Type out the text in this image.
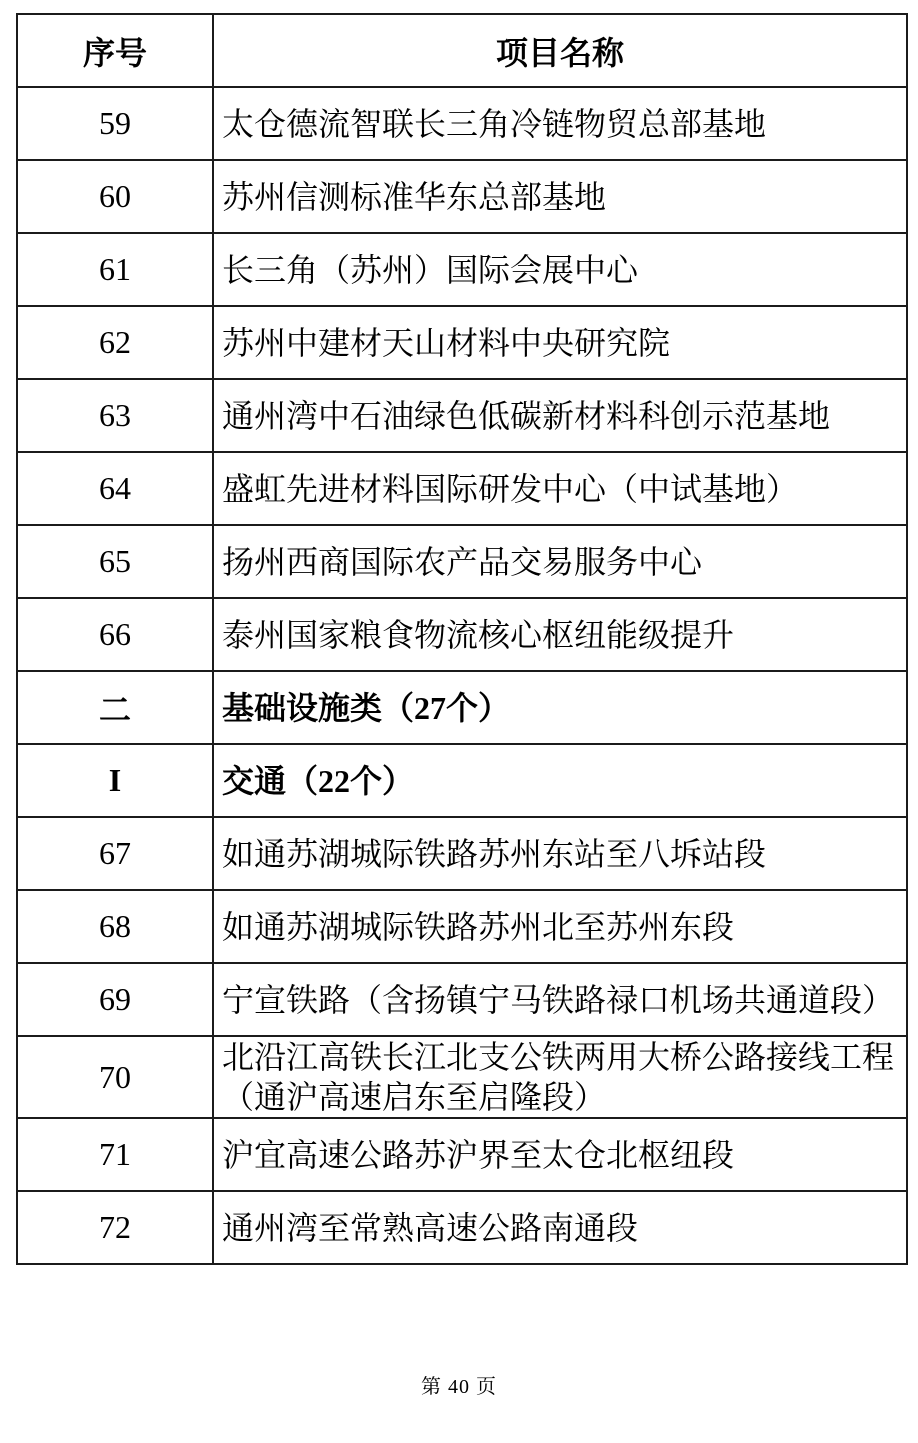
序号	项目名称
59	太仓德流智联长三角冷链物贸总部基地
60	苏州信测标准华东总部基地
61	长三角（苏州）国际会展中心
62	苏州中建材天山材料中央研究院
63	通州湾中石油绿色低碳新材料科创示范基地
64	盛虹先进材料国际研发中心（中试基地）
65	扬州西商国际农产品交易服务中心
66	泰州国家粮食物流核心枢纽能级提升
二	基础设施类（27个）
I	交通（22个）
67	如通苏湖城际铁路苏州东站至八坼站段
68	如通苏湖城际铁路苏州北至苏州东段
69	宁宣铁路（含扬镇宁马铁路禄口机场共通道段）
70	北沿江高铁长江北支公铁两用大桥公路接线工程（通沪高速启东至启隆段）
71	沪宜高速公路苏沪界至太仓北枢纽段
72	通州湾至常熟高速公路南通段
第 40 页
